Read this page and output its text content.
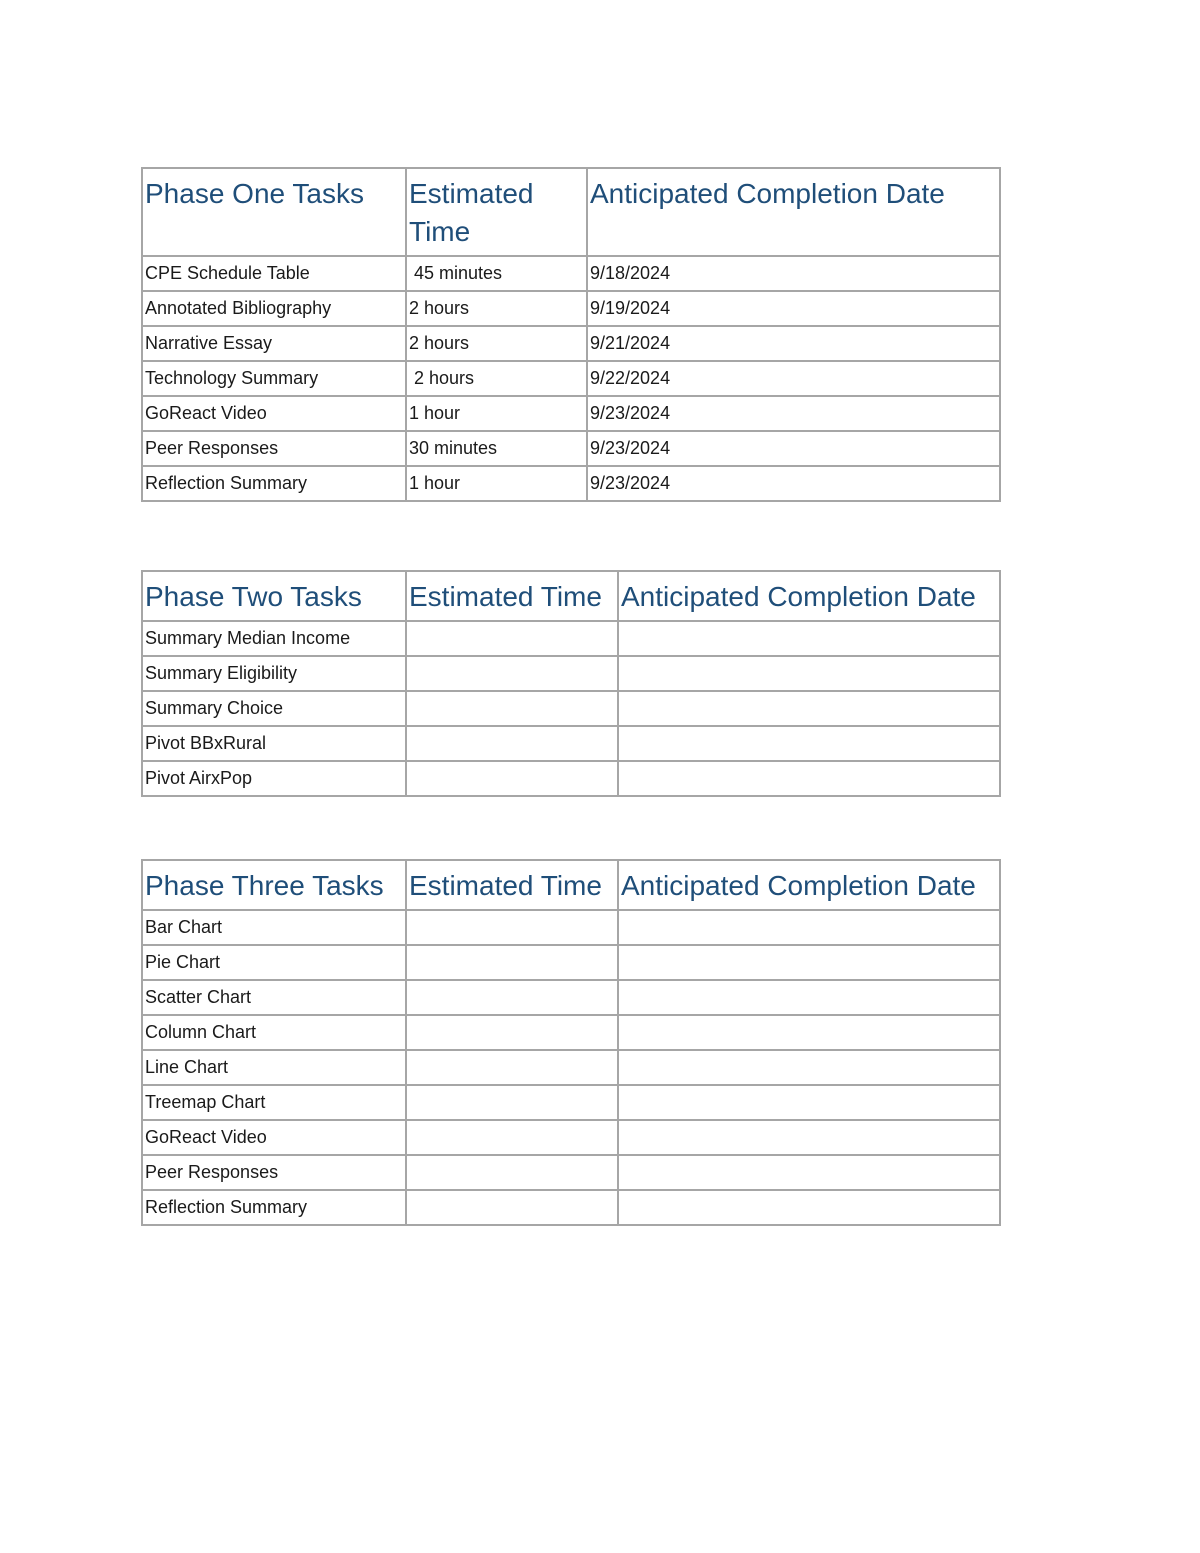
Phase One Tasks	Estimated Time	Anticipated Completion Date
CPE Schedule Table	45 minutes	9/18/2024
Annotated Bibliography	2 hours	9/19/2024
Narrative Essay	2 hours	9/21/2024
Technology Summary	2 hours	9/22/2024
GoReact Video	1 hour	9/23/2024
Peer Responses	30 minutes	9/23/2024
Reflection Summary	1 hour	9/23/2024
Phase Two Tasks	Estimated Time	Anticipated Completion Date
Summary Median Income		
Summary Eligibility		
Summary Choice		
Pivot BBxRural		
Pivot AirxPop		
Phase Three Tasks	Estimated Time	Anticipated Completion Date
Bar Chart		
Pie Chart		
Scatter Chart		
Column Chart		
Line Chart		
Treemap Chart		
GoReact Video		
Peer Responses		
Reflection Summary		
